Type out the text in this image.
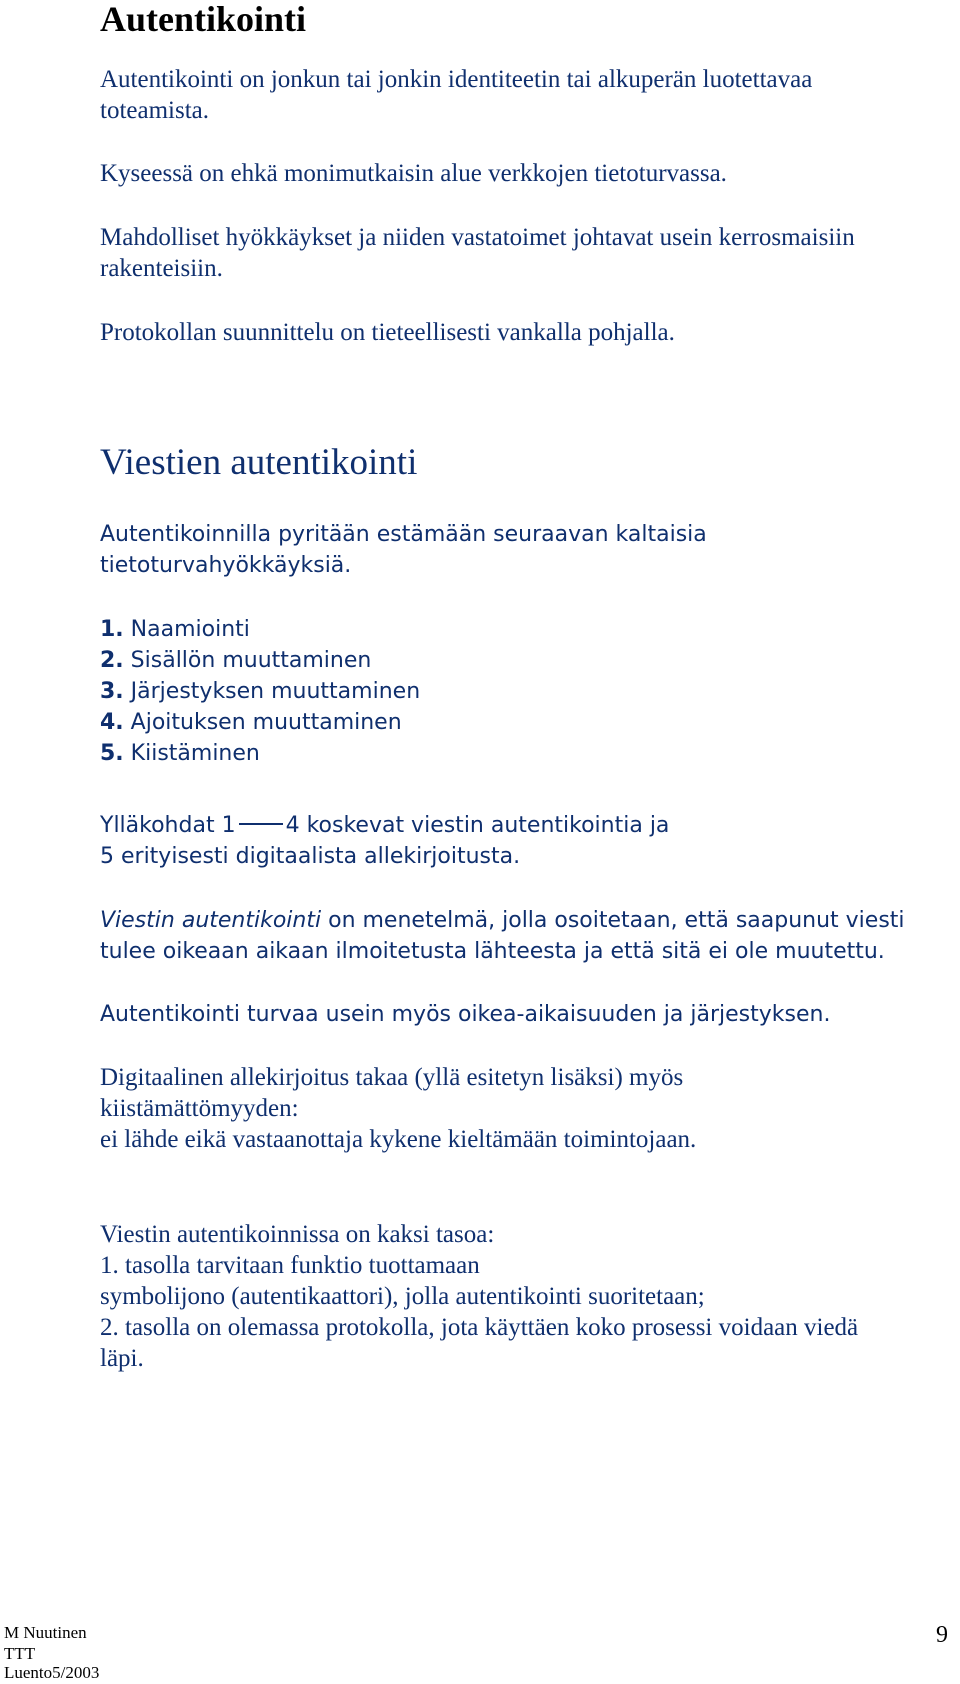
Autentikointi

Autentikointi on jonkun tai jonkin identiteetin tai alkuperän luotettavaa

toteamista.

Kyseessä on ehkä monimutkaisin alue verkkojen tietoturvassa.

Mahdolliset hyökkäykset ja niiden vastatoimet johtavat usein kerrosmaisiin

rakenteisiin.

Protokollan suunnittelu on tieteellisesti vankalla pohjalla.

Viestien autentikointi

Autentikoinnilla pyritään estämään seuraavan kaltaisia

tietoturvahyökkäyksiä.

1. Naamiointi

2. Sisällön muuttaminen

3. Järjestyksen muuttaminen

4. Ajoituksen muuttaminen

5. Kiistäminen

Ylläkohdat 1 4 koskevat viestin autentikointia ja

5 erityisesti digitaalista allekirjoitusta.

Viestin autentikointi on menetelmä, jolla osoitetaan, että saapunut viesti

tulee oikeaan aikaan ilmoitetusta lähteesta ja että sitä ei ole muutettu.

Autentikointi turvaa usein myös oikea-aikaisuuden ja järjestyksen.

Digitaalinen allekirjoitus takaa (yllä esitetyn lisäksi) myös

kiistämättömyyden:

ei lähde eikä vastaanottaja kykene kieltämään toimintojaan.

Viestin autentikoinnissa on kaksi tasoa:

1. tasolla tarvitaan funktio tuottamaan

symbolijono (autentikaattori), jolla autentikointi suoritetaan;

2. tasolla on olemassa protokolla, jota käyttäen koko prosessi voidaan viedä

läpi.

M Nuutinen
TTT
Luento5/2003
9
